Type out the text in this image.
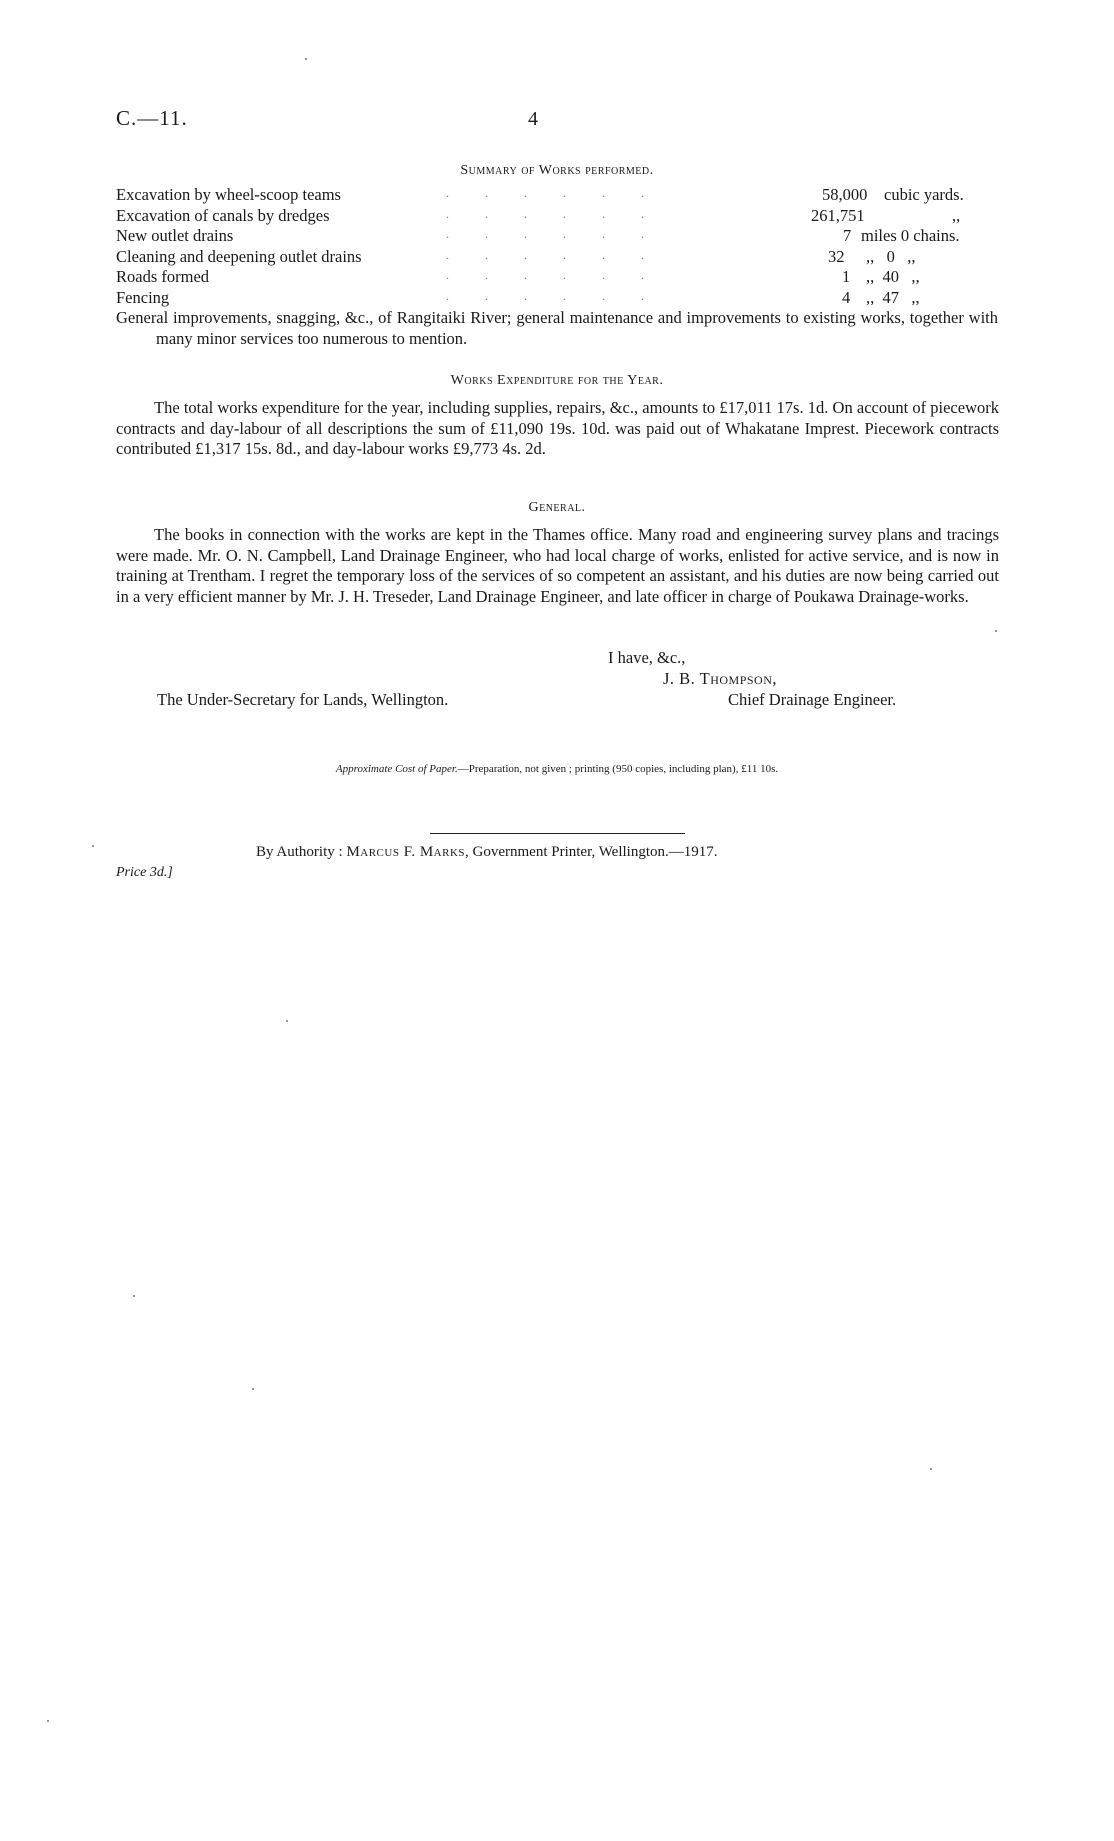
C.—11.	4
Summary of Works performed.
Excavation by wheel-scoop teams	......	58,000 cubic yards.
Excavation of canals by dredges	......	261,751	,,
New outlet drains	......	7 miles 0 chains.
Cleaning and deepening outlet drains	......	32 ,,   0   ,,
Roads formed	......	1 ,,  40   ,,
Fencing	......	4 ,,  47   ,,
General improvements, snagging, &c., of Rangitaiki River; general maintenance and improvements to existing works, together with many minor services too numerous to mention.
Works Expenditure for the Year.
The total works expenditure for the year, including supplies, repairs, &c., amounts to £17,011 17s. 1d. On account of piecework contracts and day-labour of all descriptions the sum of £11,090 19s. 10d. was paid out of Whakatane Imprest. Piecework contracts contributed £1,317 15s. 8d., and day-labour works £9,773 4s. 2d.
General.
The books in connection with the works are kept in the Thames office. Many road and engineering survey plans and tracings were made. Mr. O. N. Campbell, Land Drainage Engineer, who had local charge of works, enlisted for active service, and is now in training at Trentham. I regret the temporary loss of the services of so competent an assistant, and his duties are now being carried out in a very efficient manner by Mr. J. H. Treseder, Land Drainage Engineer, and late officer in charge of Poukawa Drainage-works.
I have, &c.,
J. B. Thompson,
The Under-Secretary for Lands, Wellington.	Chief Drainage Engineer.
Approximate Cost of Paper.—Preparation, not given ; printing (950 copies, including plan), £11 10s.
By Authority : Marcus F. Marks, Government Printer, Wellington.—1917.
Price 3d.]
